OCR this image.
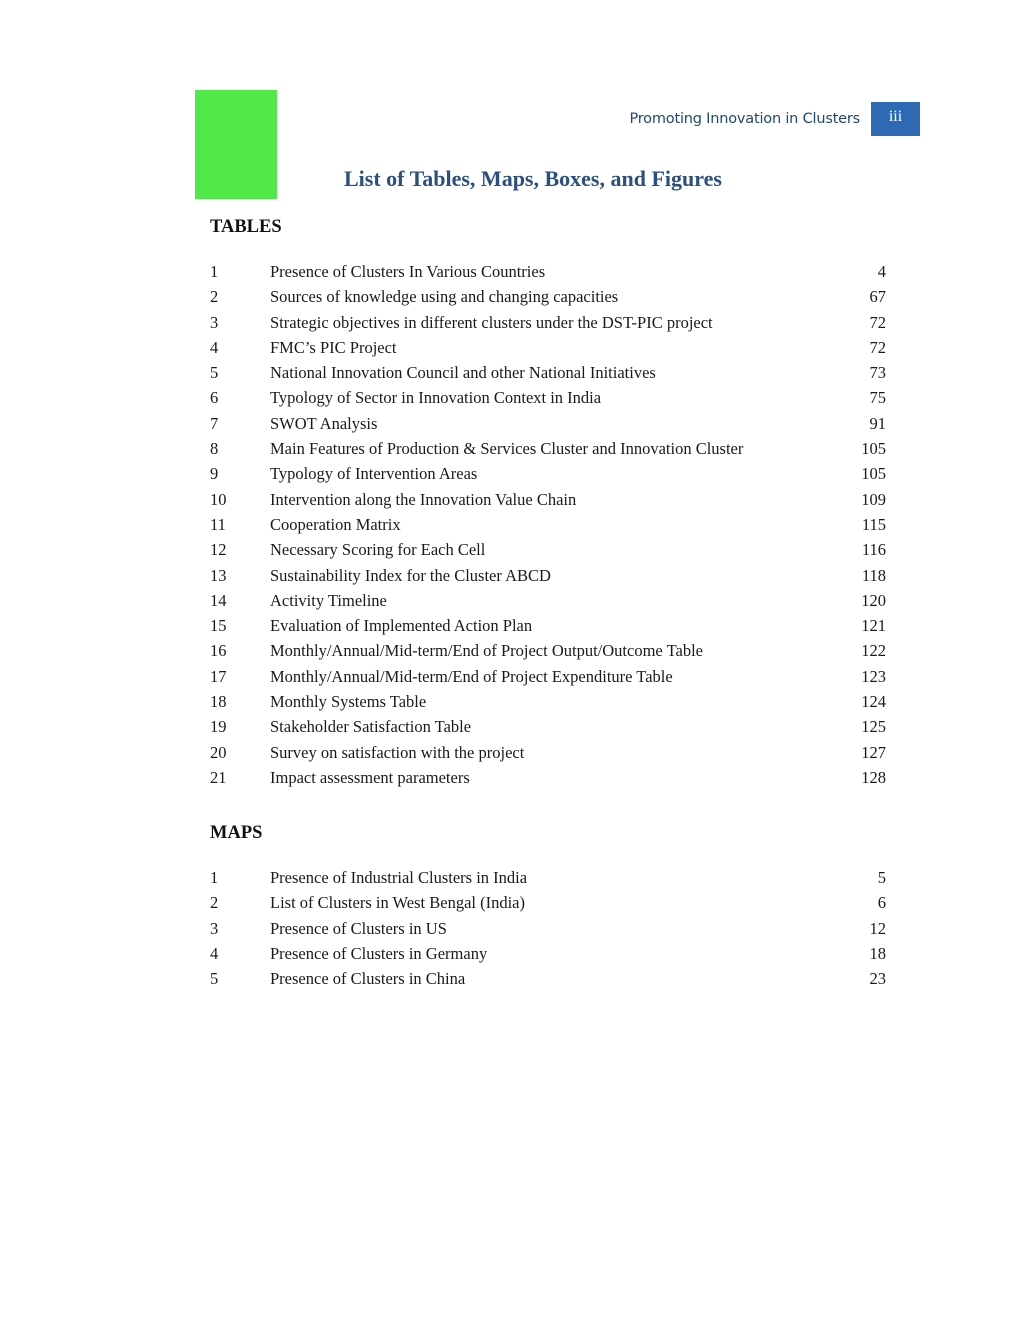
Promoting Innovation in Clusters	iii
List of Tables, Maps, Boxes, and Figures
TABLES
1	Presence of Clusters In Various Countries	4
2	Sources of knowledge using and changing capacities	67
3	Strategic objectives in different clusters under the DST-PIC project	72
4	FMC’s PIC Project	72
5	National Innovation Council and other National Initiatives	73
6	Typology of Sector in Innovation Context in India	75
7	SWOT Analysis	91
8	Main Features of Production & Services Cluster and Innovation Cluster	105
9	Typology of Intervention Areas	105
10	Intervention along the Innovation Value Chain	109
11	Cooperation Matrix	115
12	Necessary Scoring for Each Cell	116
13	Sustainability Index for the Cluster ABCD	118
14	Activity Timeline	120
15	Evaluation of Implemented Action Plan	121
16	Monthly/Annual/Mid-term/End of Project Output/Outcome Table	122
17	Monthly/Annual/Mid-term/End of Project Expenditure Table	123
18	Monthly Systems Table	124
19	Stakeholder Satisfaction Table	125
20	Survey on satisfaction with the project	127
21	Impact assessment parameters	128
MAPS
1	Presence of Industrial Clusters in India	5
2	List of Clusters in West Bengal (India)	6
3	Presence of Clusters in US	12
4	Presence of Clusters in Germany	18
5	Presence of Clusters in China	23
